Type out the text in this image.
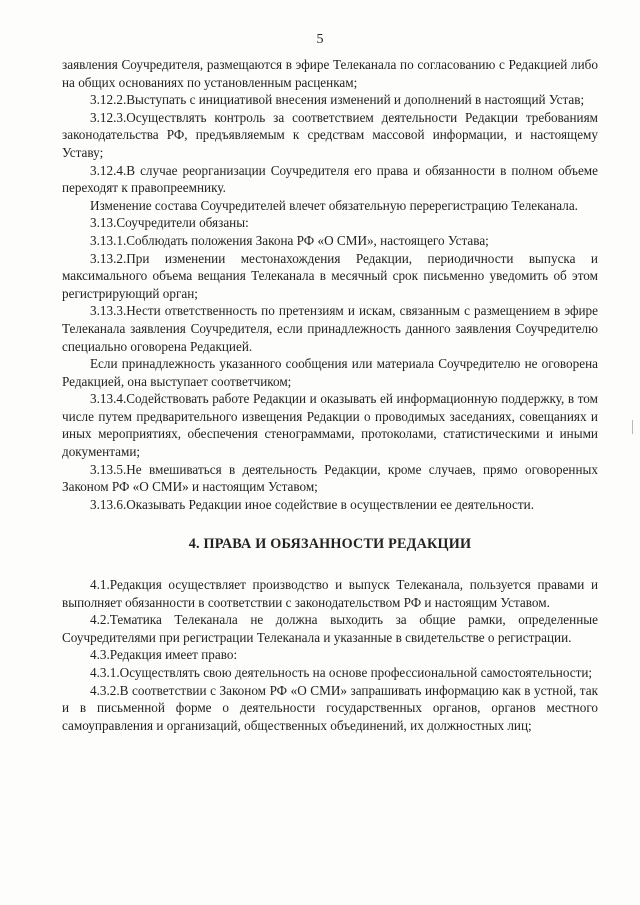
5

заявления Соучредителя, размещаются в эфире Телеканала по согласованию с Редакцией либо на общих основаниях по установленным расценкам;

3.12.2.Выступать с инициативой внесения изменений и дополнений в настоящий Устав;

3.12.3.Осуществлять контроль за соответствием деятельности Редакции требованиям законодательства РФ, предъявляемым к средствам массовой информации, и настоящему Уставу;

3.12.4.В случае реорганизации Соучредителя его права и обязанности в полном объеме переходят к правопреемнику.

Изменение состава Соучредителей влечет обязательную перерегистрацию Телеканала.

3.13.Соучредители обязаны:

3.13.1.Соблюдать положения Закона РФ «О СМИ», настоящего Устава;

3.13.2.При изменении местонахождения Редакции, периодичности выпуска и максимального объема вещания Телеканала в месячный срок письменно уведомить об этом регистрирующий орган;

3.13.3.Нести ответственность по претензиям и искам, связанным с размещением в эфире Телеканала заявления Соучредителя, если принадлежность данного заявления Соучредителю специально оговорена Редакцией.

Если принадлежность указанного сообщения или материала Соучредителю не оговорена Редакцией, она выступает соответчиком;

3.13.4.Содействовать работе Редакции и оказывать ей информационную поддержку, в том числе путем предварительного извещения Редакции о проводимых заседаниях, совещаниях и иных мероприятиях, обеспечения стенограммами, протоколами, статистическими и иными документами;

3.13.5.Не вмешиваться в деятельность Редакции, кроме случаев, прямо оговоренных Законом РФ «О СМИ» и настоящим Уставом;

3.13.6.Оказывать Редакции иное содействие в осуществлении ее деятельности.

4. ПРАВА И ОБЯЗАННОСТИ РЕДАКЦИИ

4.1.Редакция осуществляет производство и выпуск Телеканала, пользуется правами и выполняет обязанности в соответствии с законодательством РФ и настоящим Уставом.

4.2.Тематика Телеканала не должна выходить за общие рамки, определенные Соучредителями при регистрации Телеканала и указанные в свидетельстве о регистрации.

4.3.Редакция имеет право:

4.3.1.Осуществлять свою деятельность на основе профессиональной самостоятельности;

4.3.2.В соответствии с Законом РФ «О СМИ» запрашивать информацию как в устной, так и в письменной форме о деятельности государственных органов, органов местного самоуправления и организаций, общественных объединений, их должностных лиц;
